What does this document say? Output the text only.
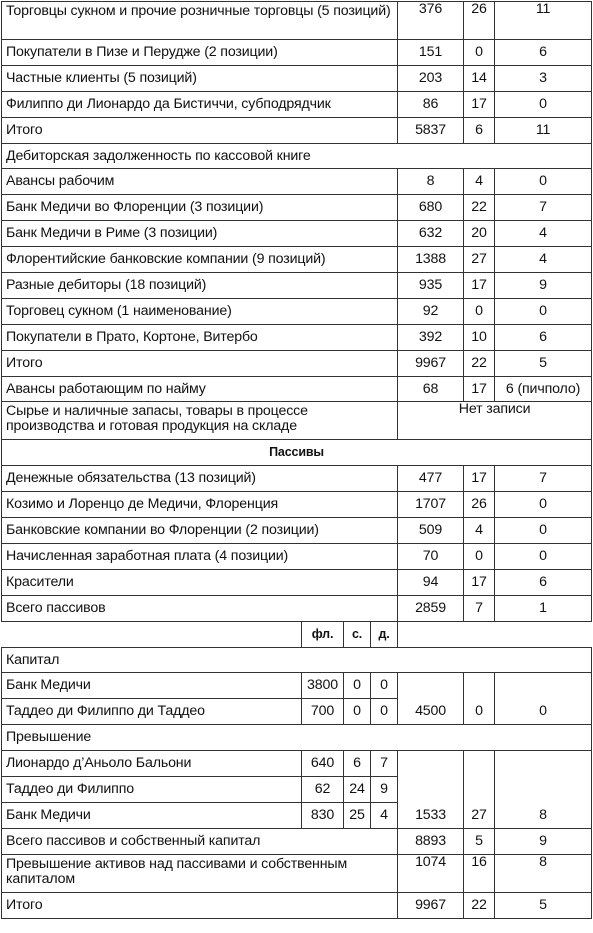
Торговцы сукном и прочие розничные торговцы (5 позиций)				376	26	11
Покупатели в Пизе и Перудже (2 позиции)				151	0	6
Частные клиенты (5 позиций)				203	14	3
Филиппо ди Лионардо да Бистиччи, субподрядчик				86	17	0
Итого				5837	6	11
Дебиторская задолженность по кассовой книге						
Авансы рабочим				8	4	0
Банк Медичи во Флоренции (3 позиции)				680	22	7
Банк Медичи в Риме (3 позиции)				632	20	4
Флорентийские банковские компании (9 позиций)				1388	27	4
Разные дебиторы (18 позиций)				935	17	9
Торговец сукном (1 наименование)				92	0	0
Покупатели в Прато, Кортоне, Витербо				392	10	6
Итого				9967	22	5
Авансы работающим по найму				68	17	6 (пичполо)
Сырье и наличные запасы, товары в процессе производства и готовая продукция на складе				Нет записи		
Пассивы						
Денежные обязательства (13 позиций)				477	17	7
Козимо и Лоренцо де Медичи, Флоренция				1707	26	0
Банковские компании во Флоренции (2 позиции)				509	4	0
Начисленная заработная плата (4 позиции)				70	0	0
Красители				94	17	6
Всего пассивов				2859	7	1
	фл.	с.	д.			
Капитал						
Банк Медичи	3800	0	0			
Таддео ди Филиппо ди Таддео	700	0	0	4500	0	0
Превышение						
Лионардо д’Аньоло Бальони	640	6	7			
Таддео ди Филиппо	62	24	9			
Банк Медичи	830	25	4	1533	27	8
Всего пассивов и собственный капитал				8893	5	9
Превышение активов над пассивами и собственным капиталом				1074	16	8
Итого				9967	22	5
